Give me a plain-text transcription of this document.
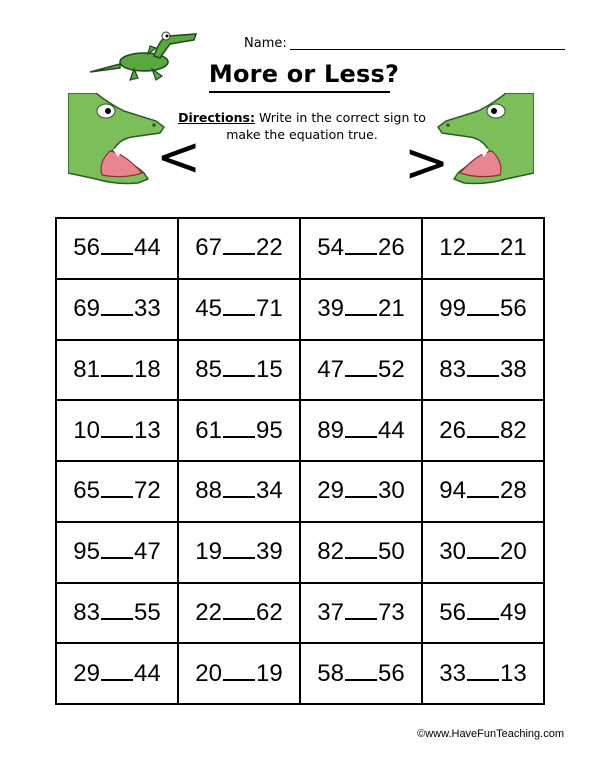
Name:
More or Less?
<
Directions: Write in the correct sign to make the equation true. >
56 44	67 22	54 26	12 21
69 33	45 71	39 21	99 56
81 18	85 15	47 52	83 38
10 13	61 95	89 44	26 82
65 72	88 34	29 30	94 28
95 47	19 39	82 50	30 20
83 55	22 62	37 73	56 49
29 44	20 19	58 56	33 13
©www.HaveFunTeaching.com
